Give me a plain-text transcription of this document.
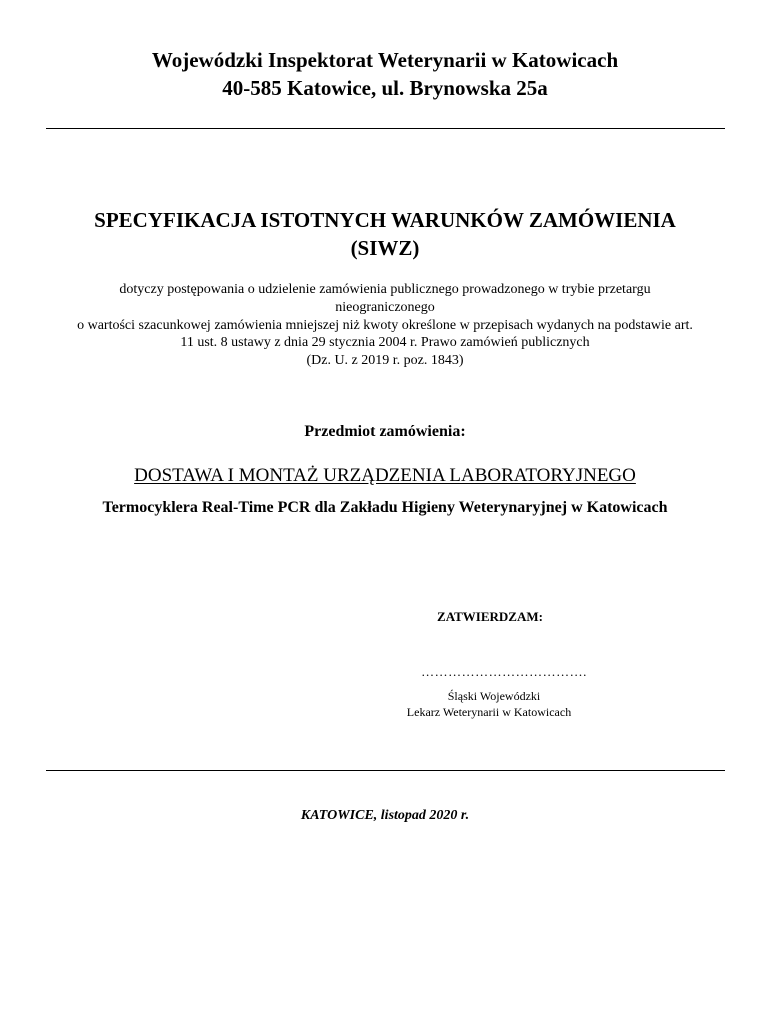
Wojewódzki Inspektorat Weterynarii w Katowicach
40-585 Katowice, ul. Brynowska 25a
SPECYFIKACJA ISTOTNYCH WARUNKÓW ZAMÓWIENIA
(SIWZ)
dotyczy postępowania o udzielenie zamówienia publicznego prowadzonego w trybie przetargu
nieograniczonego
o wartości szacunkowej zamówienia mniejszej niż kwoty określone w przepisach wydanych na podstawie art.
11 ust. 8 ustawy z dnia 29 stycznia 2004 r. Prawo zamówień publicznych
(Dz. U. z 2019 r. poz. 1843)
Przedmiot zamówienia:
DOSTAWA I MONTAŻ URZĄDZENIA LABORATORYJNEGO
Termocyklera Real-Time PCR dla Zakładu Higieny Weterynaryjnej w Katowicach
ZATWIERDZAM:
……………………………….
Śląski Wojewódzki
Lekarz Weterynarii w Katowicach
KATOWICE, listopad 2020 r.
